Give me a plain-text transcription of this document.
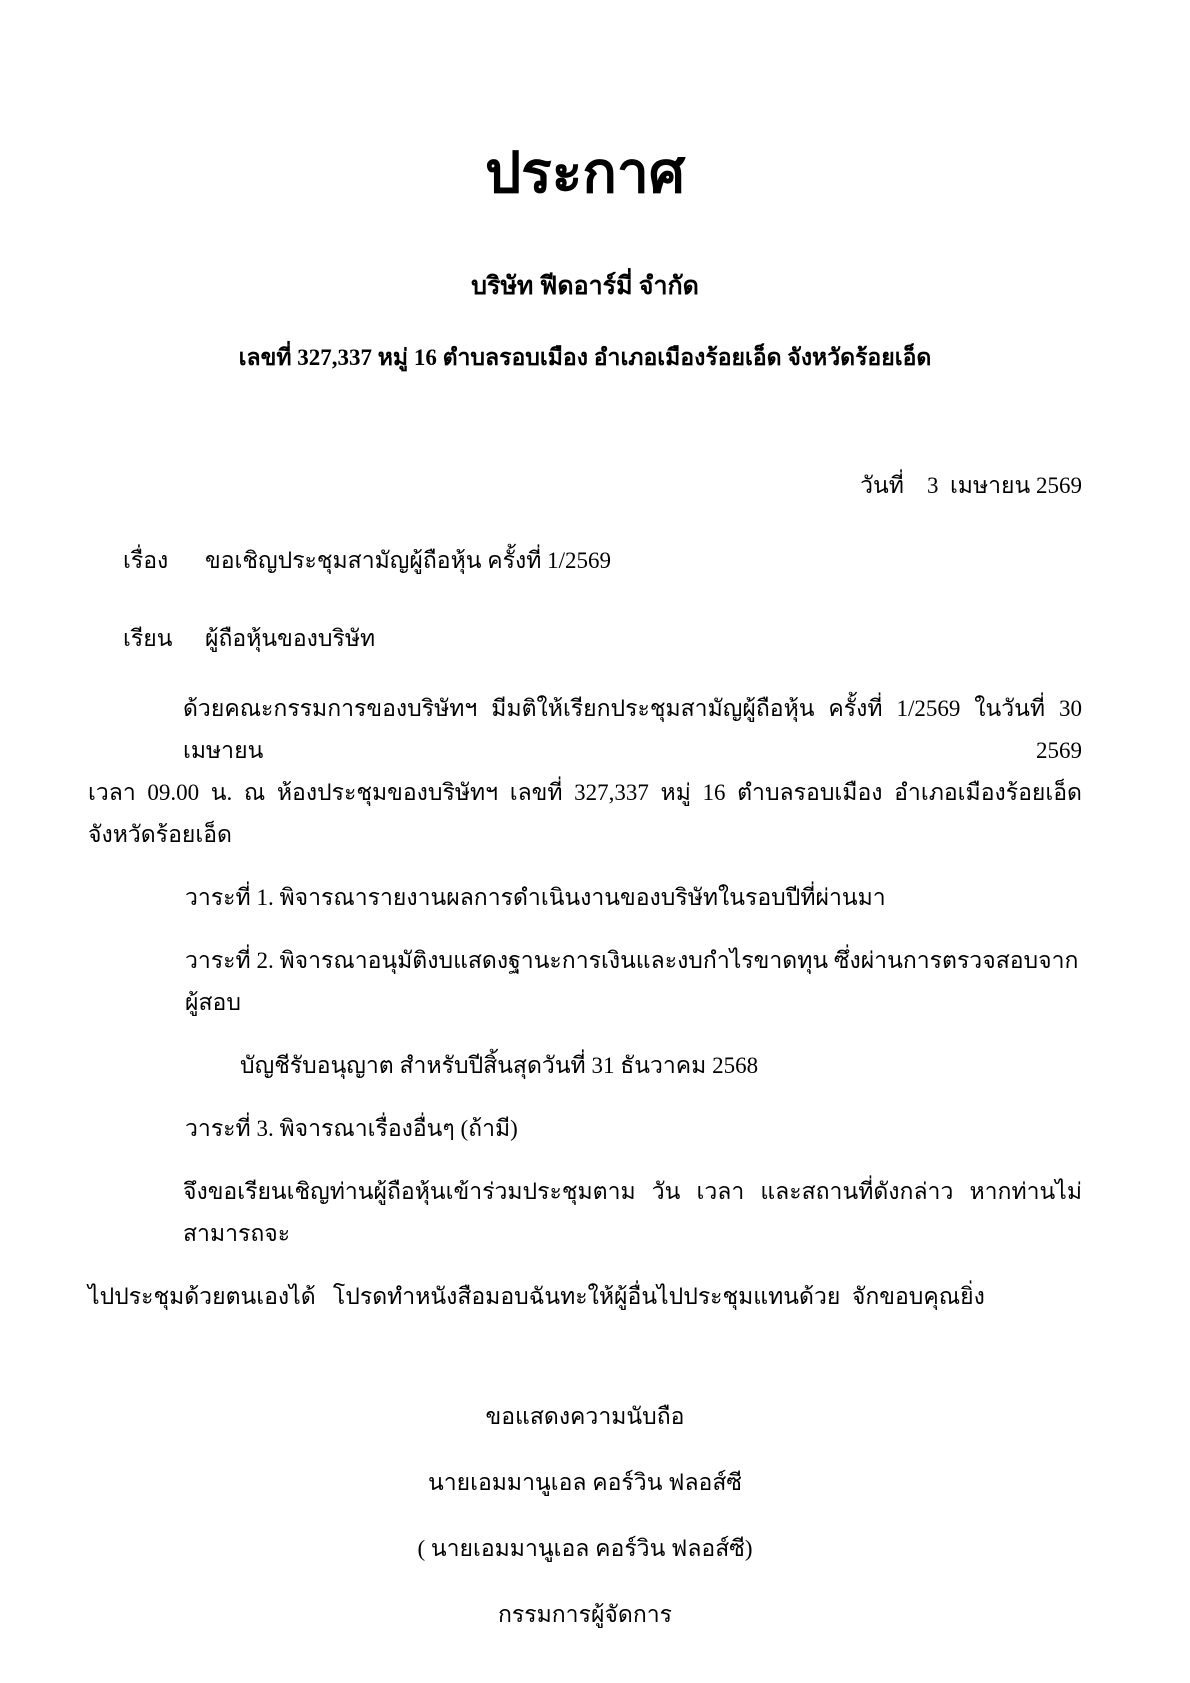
ประกาศ
บริษัท ฟีดอาร์มี่ จำกัด
เลขที่ 327,337 หมู่ 16 ตำบลรอบเมือง อำเภอเมืองร้อยเอ็ด จังหวัดร้อยเอ็ด
วันที่    3  เมษายน 2569
เรื่อง ขอเชิญประชุมสามัญผู้ถือหุ้น ครั้งที่ 1/2569
เรียน ผู้ถือหุ้นของบริษัท
ด้วยคณะกรรมการของบริษัทฯ มีมติให้เรียกประชุมสามัญผู้ถือหุ้น ครั้งที่ 1/2569 ในวันที่ 30 เมษายน 2569
เวลา 09.00 น. ณ ห้องประชุมของบริษัทฯ เลขที่ 327,337 หมู่ 16 ตำบลรอบเมือง อำเภอเมืองร้อยเอ็ด จังหวัดร้อยเอ็ด
วาระที่ 1. พิจารณารายงานผลการดำเนินงานของบริษัทในรอบปีที่ผ่านมา
วาระที่ 2. พิจารณาอนุมัติงบแสดงฐานะการเงินและงบกำไรขาดทุน ซึ่งผ่านการตรวจสอบจากผู้สอบ
บัญชีรับอนุญาต สำหรับปีสิ้นสุดวันที่ 31 ธันวาคม 2568
วาระที่ 3. พิจารณาเรื่องอื่นๆ (ถ้ามี)
จึงขอเรียนเชิญท่านผู้ถือหุ้นเข้าร่วมประชุมตาม วัน เวลา และสถานที่ดังกล่าว หากท่านไม่สามารถจะ
ไปประชุมด้วยตนเองได้   โปรดทำหนังสือมอบฉันทะให้ผู้อื่นไปประชุมแทนด้วย  จักขอบคุณยิ่ง
ขอแสดงความนับถือ
นายเอมมานูเอล คอร์วิน ฟลอส์ซี
( นายเอมมานูเอล คอร์วิน ฟลอส์ซี)
กรรมการผู้จัดการ
